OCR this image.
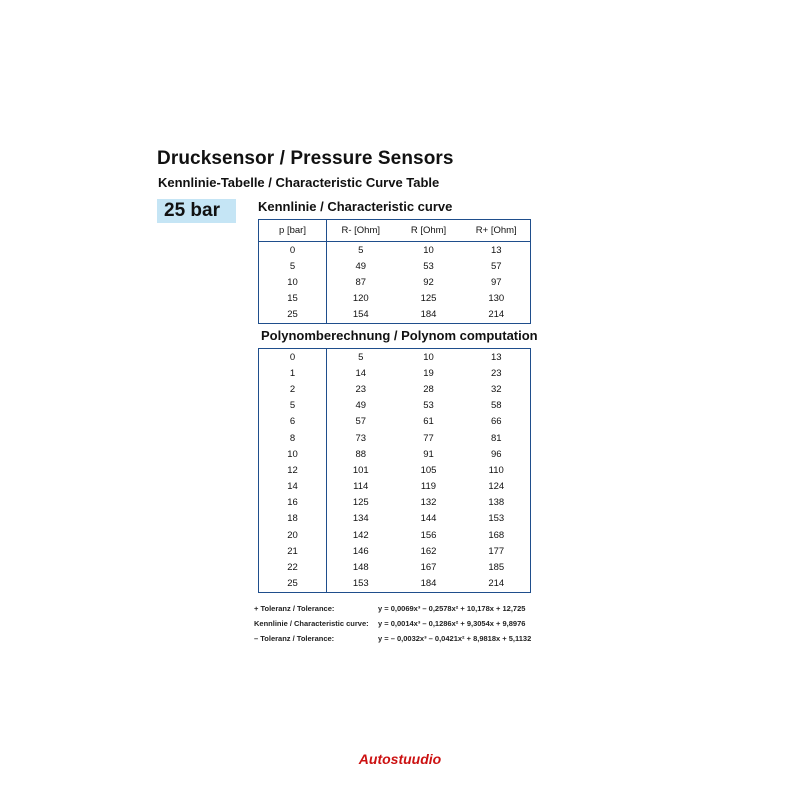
Drucksensor / Pressure Sensors
Kennlinie-Tabelle / Characteristic Curve Table
25 bar	Kennlinie / Characteristic curve
p [bar]	R- [Ohm]	R [Ohm]	R+ [Ohm]
0	5	10	13
5	49	53	57
10	87	92	97
15	120	125	130
25	154	184	214
Polynomberechnung / Polynom computation
0	5	10	13
1	14	19	23
2	23	28	32
5	49	53	58
6	57	61	66
8	73	77	81
10	88	91	96
12	101	105	110
14	114	119	124
16	125	132	138
18	134	144	153
20	142	156	168
21	146	162	177
22	148	167	185
25	153	184	214
+ Toleranz / Tolerance:	y = 0,0069x³ – 0,2578x² + 10,178x + 12,725
Kennlinie / Characteristic curve:	y = 0,0014x³ – 0,1286x² + 9,3054x + 9,8976
– Toleranz / Tolerance:	y = – 0,0032x³ – 0,0421x² + 8,9818x + 5,1132
Autostuudio
